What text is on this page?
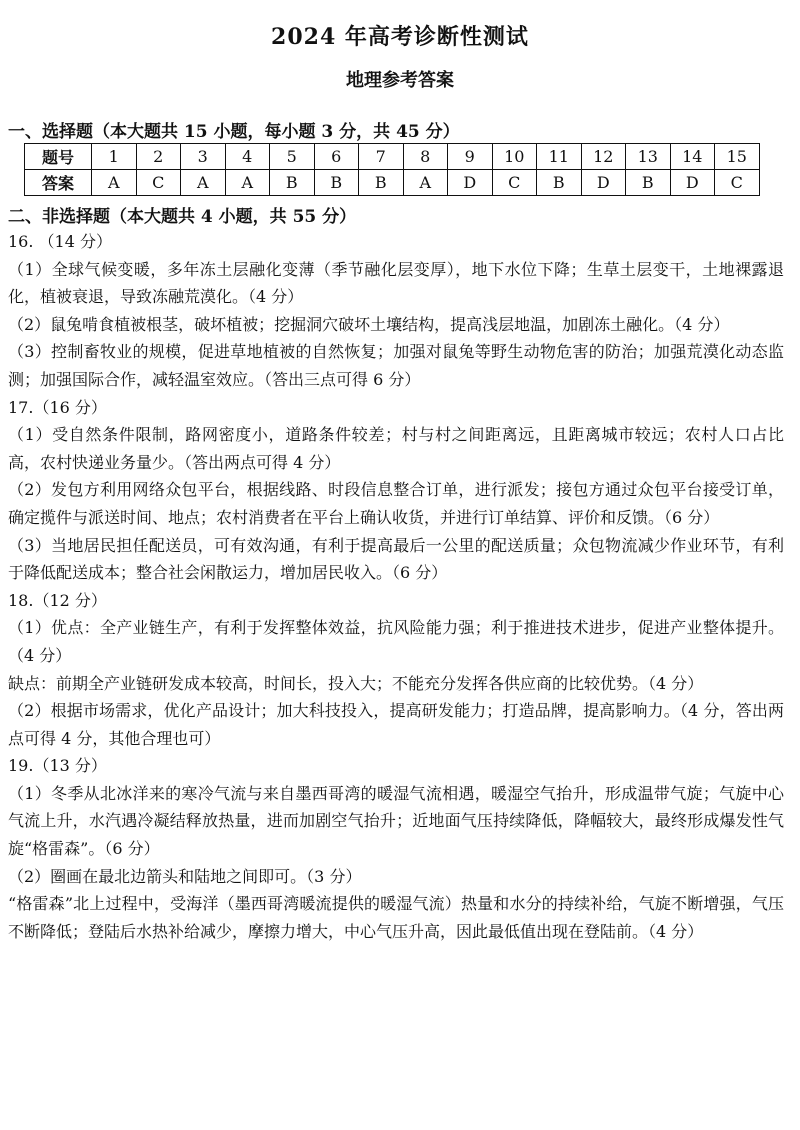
2024 年高考诊断性测试
地理参考答案
一、选择题（本大题共 15 小题，每小题 3 分，共 45 分）
题号	1	2	3	4	5	6	7	8	9	10	11	12	13	14	15
答案	A	C	A	A	B	B	B	A	D	C	B	D	B	D	C
二、非选择题（本大题共 4 小题，共 55 分）

16. （14 分）

（1）全球气候变暖，多年冻土层融化变薄（季节融化层变厚），地下水位下降；生草土层变干，土地裸露退化，植被衰退，导致冻融荒漠化。（4 分）

（2）鼠兔啃食植被根茎，破坏植被；挖掘洞穴破坏土壤结构，提高浅层地温，加剧冻土融化。（4 分）

（3）控制畜牧业的规模，促进草地植被的自然恢复；加强对鼠兔等野生动物危害的防治；加强荒漠化动态监测；加强国际合作，减轻温室效应。（答出三点可得 6 分）

17.（16 分）

（1）受自然条件限制，路网密度小，道路条件较差；村与村之间距离远，且距离城市较远；农村人口占比高，农村快递业务量少。（答出两点可得 4 分）

（2）发包方利用网络众包平台，根据线路、时段信息整合订单，进行派发；接包方通过众包平台接受订单，确定揽件与派送时间、地点；农村消费者在平台上确认收货，并进行订单结算、评价和反馈。（6 分）

（3）当地居民担任配送员，可有效沟通，有利于提高最后一公里的配送质量；众包物流减少作业环节，有利于降低配送成本；整合社会闲散运力，增加居民收入。（6 分）

18.（12 分）

（1）优点：全产业链生产，有利于发挥整体效益，抗风险能力强；利于推进技术进步，促进产业整体提升。（4 分）

缺点：前期全产业链研发成本较高，时间长，投入大；不能充分发挥各供应商的比较优势。（4 分）

（2）根据市场需求，优化产品设计；加大科技投入，提高研发能力；打造品牌，提高影响力。（4 分，答出两点可得 4 分，其他合理也可）

19.（13 分）

（1）冬季从北冰洋来的寒冷气流与来自墨西哥湾的暖湿气流相遇，暖湿空气抬升，形成温带气旋；气旋中心气流上升，水汽遇冷凝结释放热量，进而加剧空气抬升；近地面气压持续降低，降幅较大，最终形成爆发性气旋“格雷森”。（6 分）

（2）圈画在最北边箭头和陆地之间即可。（3 分）

“格雷森”北上过程中，受海洋（墨西哥湾暖流提供的暖湿气流）热量和水分的持续补给，气旋不断增强，气压不断降低；登陆后水热补给减少，摩擦力增大，中心气压升高，因此最低值出现在登陆前。（4 分）
